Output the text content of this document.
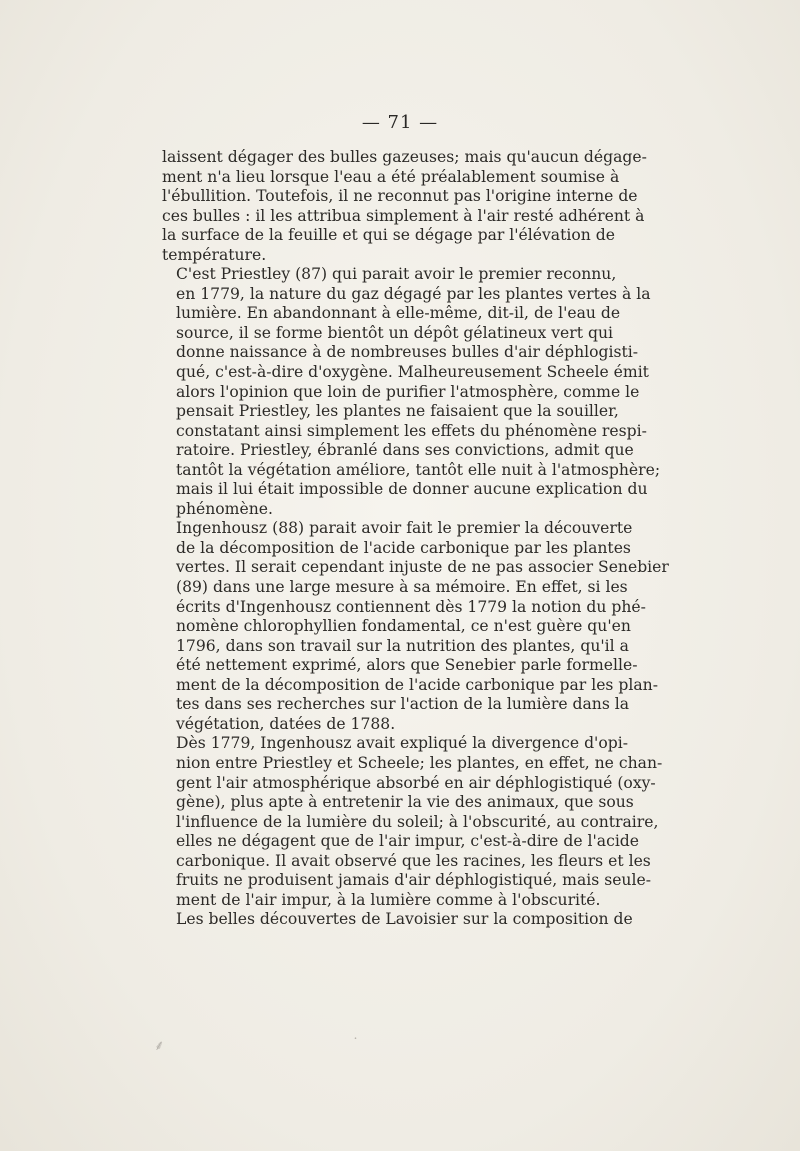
— 71 —

laissent dégager des bulles gazeuses; mais qu'aucun dégage-
ment n'a lieu lorsque l'eau a été préalablement soumise à
l'ébullition. Toutefois, il ne reconnut pas l'origine interne de
ces bulles : il les attribua simplement à l'air resté adhérent à
la surface de la feuille et qui se dégage par l'élévation de
température.

C'est Priestley (87) qui parait avoir le premier reconnu,
en 1779, la nature du gaz dégagé par les plantes vertes à la
lumière. En abandonnant à elle-même, dit-il, de l'eau de
source, il se forme bientôt un dépôt gélatineux vert qui
donne naissance à de nombreuses bulles d'air déphlogisti-
qué, c'est-à-dire d'oxygène. Malheureusement Scheele émit
alors l'opinion que loin de purifier l'atmosphère, comme le
pensait Priestley, les plantes ne faisaient que la souiller,
constatant ainsi simplement les effets du phénomène respi-
ratoire. Priestley, ébranlé dans ses convictions, admit que
tantôt la végétation améliore, tantôt elle nuit à l'atmosphère;
mais il lui était impossible de donner aucune explication du
phénomène.

Ingenhousz (88) parait avoir fait le premier la découverte
de la décomposition de l'acide carbonique par les plantes
vertes. Il serait cependant injuste de ne pas associer Senebier
(89) dans une large mesure à sa mémoire. En effet, si les
écrits d'Ingenhousz contiennent dès 1779 la notion du phé-
nomène chlorophyllien fondamental, ce n'est guère qu'en
1796, dans son travail sur la nutrition des plantes, qu'il a
été nettement exprimé, alors que Senebier parle formelle-
ment de la décomposition de l'acide carbonique par les plan-
tes dans ses recherches sur l'action de la lumière dans la
végétation, datées de 1788.

Dès 1779, Ingenhousz avait expliqué la divergence d'opi-
nion entre Priestley et Scheele; les plantes, en effet, ne chan-
gent l'air atmosphérique absorbé en air déphlogistiqué (oxy-
gène), plus apte à entretenir la vie des animaux, que sous
l'influence de la lumière du soleil; à l'obscurité, au contraire,
elles ne dégagent que de l'air impur, c'est-à-dire de l'acide
carbonique. Il avait observé que les racines, les fleurs et les
fruits ne produisent jamais d'air déphlogistiqué, mais seule-
ment de l'air impur, à la lumière comme à l'obscurité.

Les belles découvertes de Lavoisier sur la composition de

⸙	˙
